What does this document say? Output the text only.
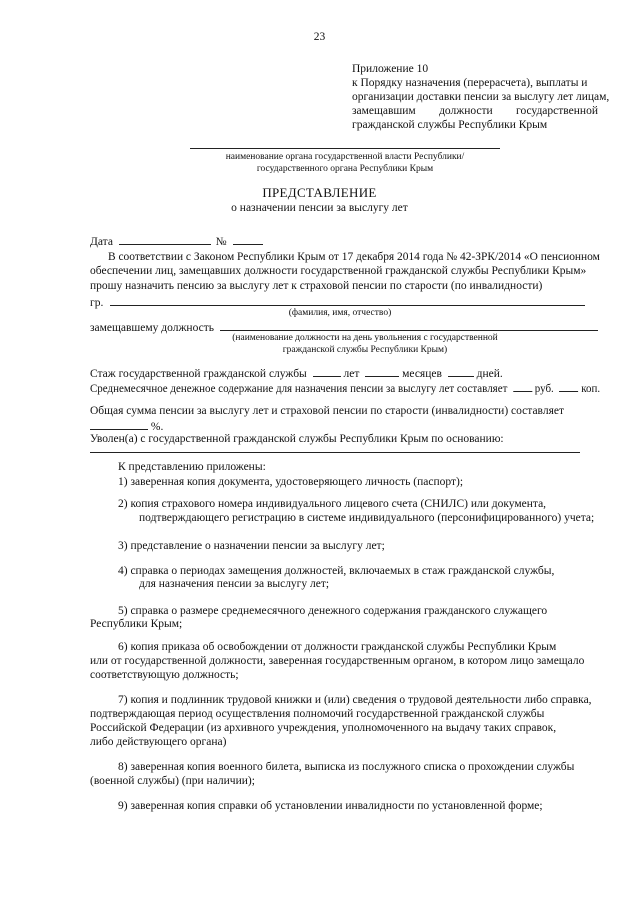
23
Приложение 10
к Порядку назначения (перерасчета), выплаты и
организации доставки пенсии за выслугу лет лицам,
замещавшим должности государственной
гражданской службы Республики Крым
наименование органа государственной власти Республики/
государственного органа Республики Крым
ПРЕДСТАВЛЕНИЕ
о назначении пенсии за выслугу лет
Дата	№
В соответствии с Законом Республики Крым от 17 декабря 2014 года № 42-ЗРК/2014 «О пенсионном
обеспечении лиц, замещавших должности государственной гражданской службы Республики Крым»
прошу назначить пенсию за выслугу лет к страховой пенсии по старости (по инвалидности)
гр.
(фамилия, имя, отчество)
замещавшему должность
(наименование должности на день увольнения с государственной
гражданской службы Республики Крым)
Стаж государственной гражданской службы	лет	месяцев	дней.
Среднемесячное денежное содержание для назначения пенсии за выслугу лет составляет руб. коп.
Общая сумма пенсии за выслугу лет и страховой пенсии по старости (инвалидности) составляет
%.
Уволен(а) с государственной гражданской службы Республики Крым по основанию:
К представлению приложены:
1) заверенная копия документа, удостоверяющего личность (паспорт);
2) копия страхового номера индивидуального лицевого счета (СНИЛС) или документа,
подтверждающего регистрацию в системе индивидуального (персонифицированного) учета;
3) представление о назначении пенсии за выслугу лет;
4) справка о периодах замещения должностей, включаемых в стаж гражданской службы,
для назначения пенсии за выслугу лет;
5) справка о размере среднемесячного денежного содержания гражданского служащего
Республики Крым;
6) копия приказа об освобождении от должности гражданской службы Республики Крым
или от государственной должности, заверенная государственным органом, в котором лицо замещало
соответствующую должность;
7) копия и подлинник трудовой книжки и (или) сведения о трудовой деятельности либо справка,
подтверждающая период осуществления полномочий государственной гражданской службы
Российской Федерации (из архивного учреждения, уполномоченного на выдачу таких справок,
либо действующего органа)
8) заверенная копия военного билета, выписка из послужного списка о прохождении службы
(военной службы) (при наличии);
9) заверенная копия справки об установлении инвалидности по установленной форме;
